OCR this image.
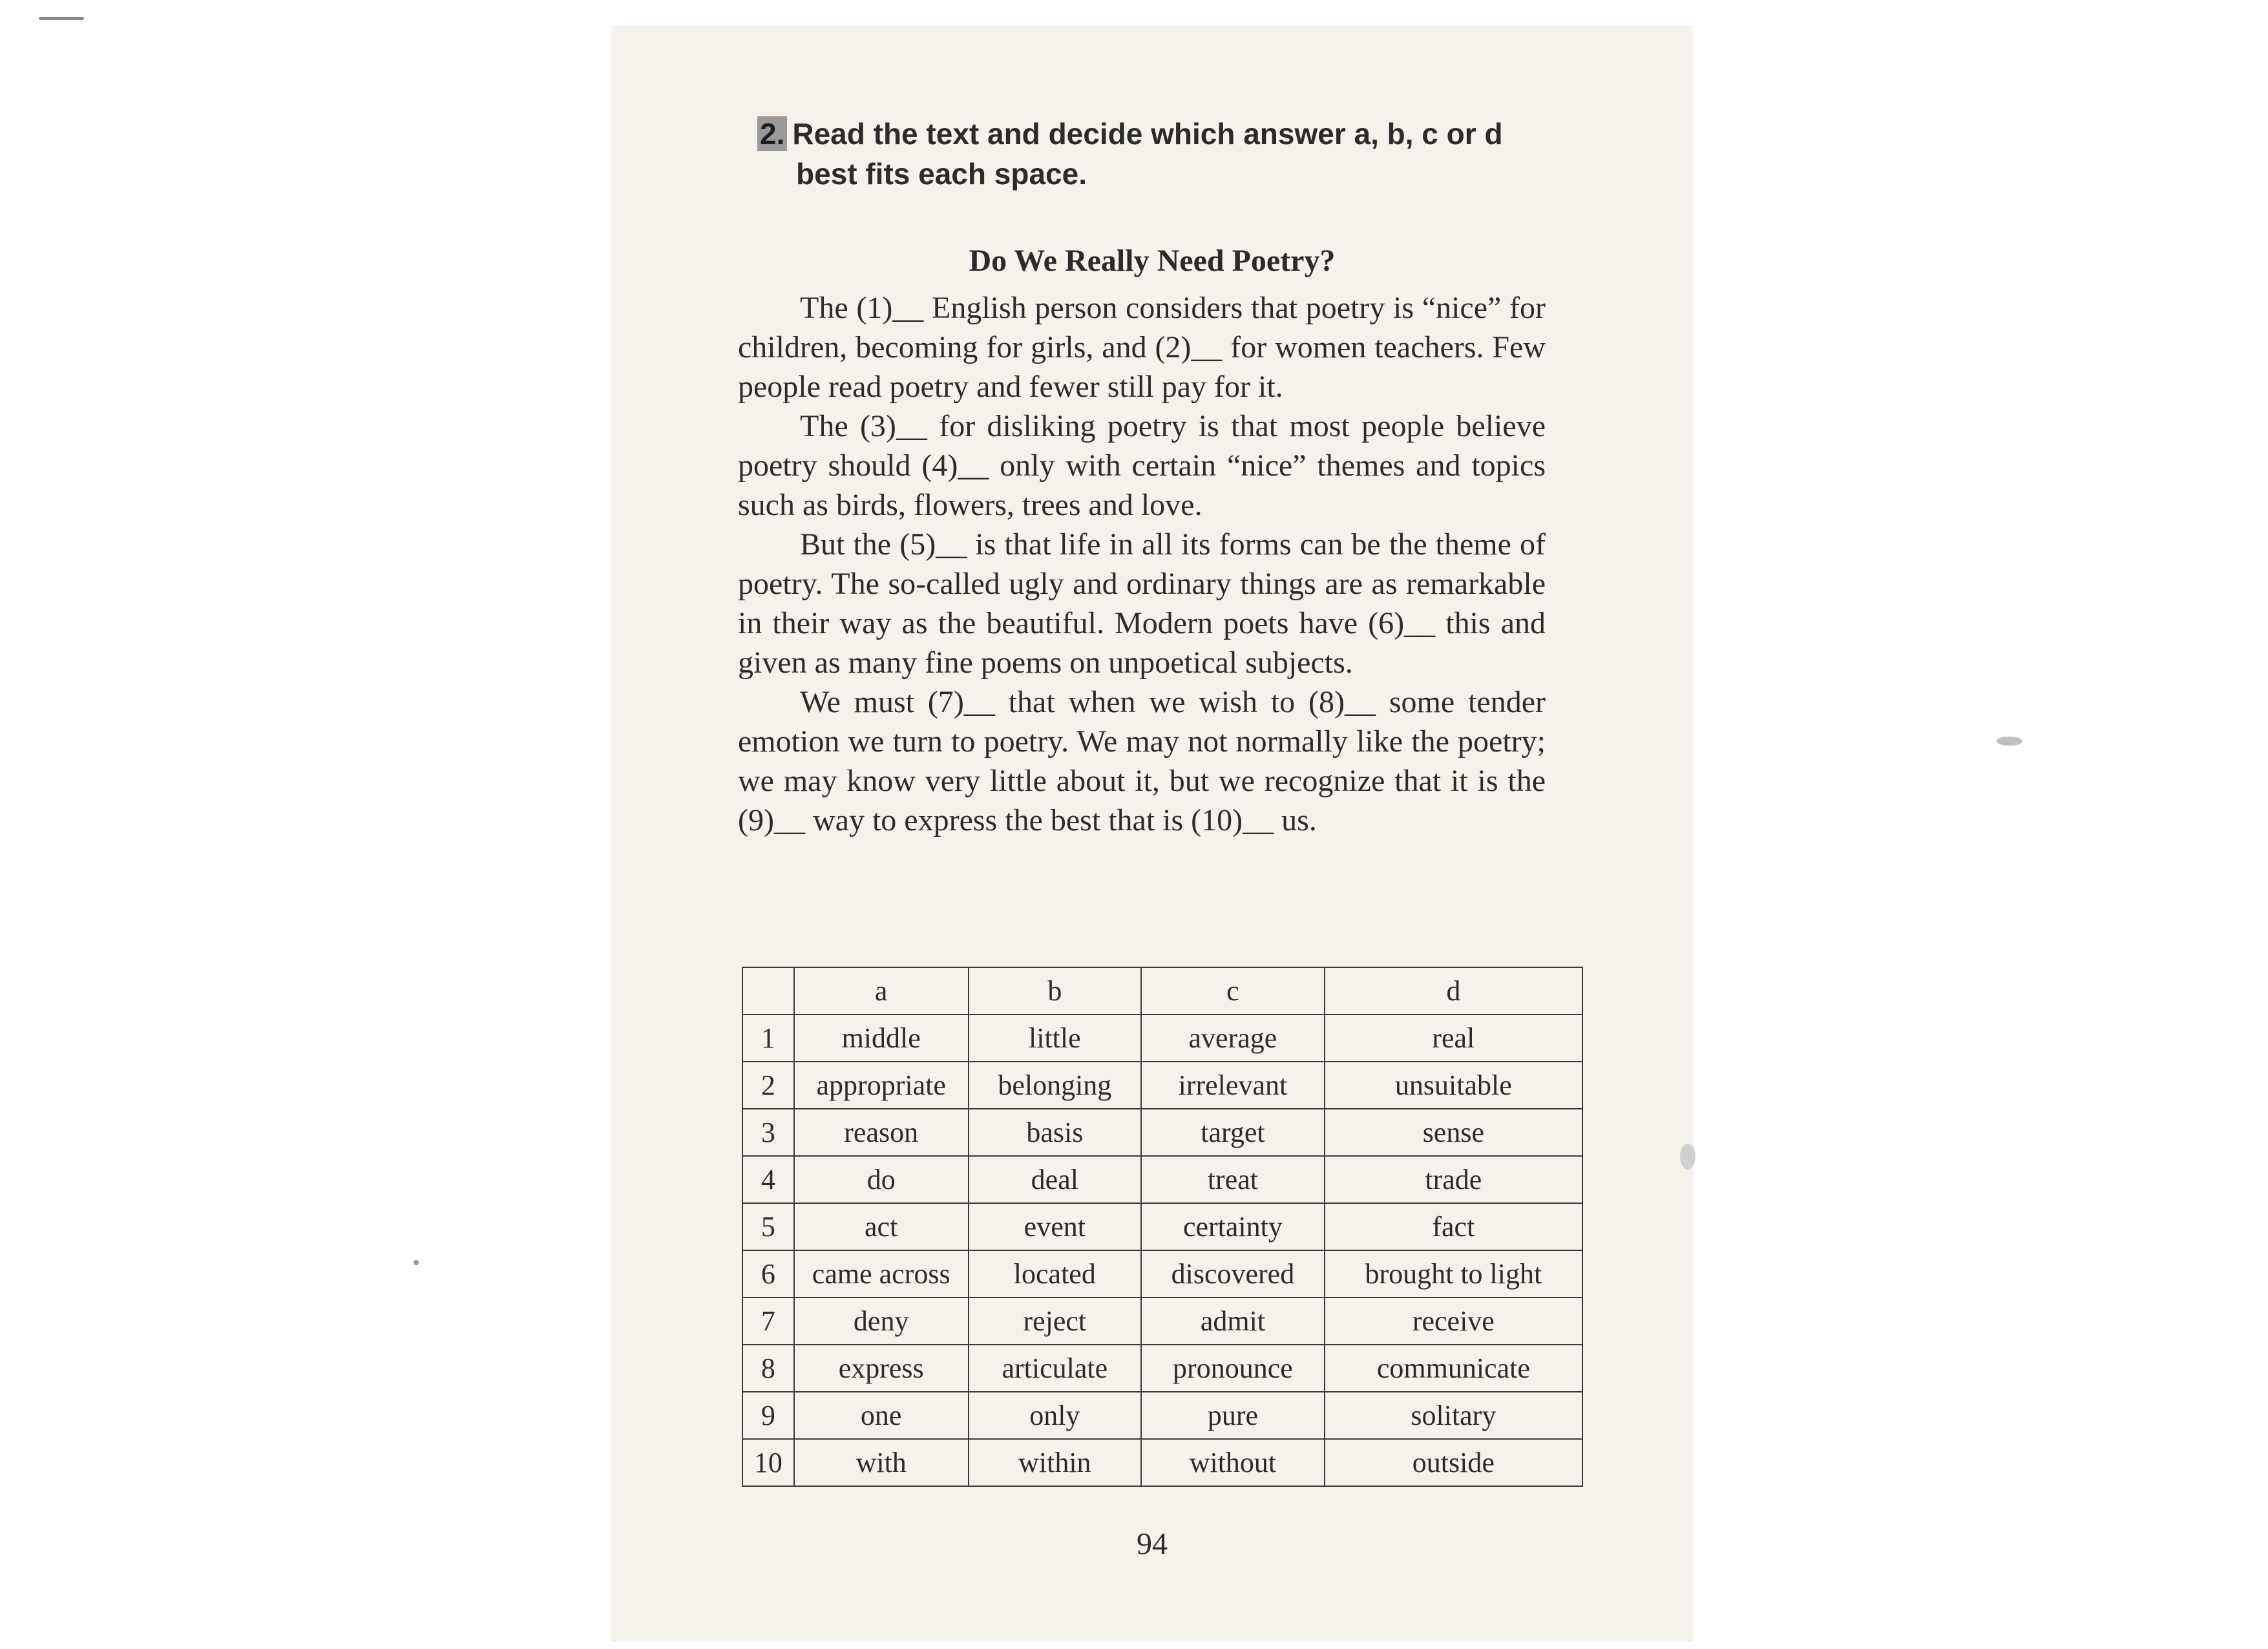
2. Read the text and decide which answer a, b, c or d
best fits each space.
Do We Really Need Poetry?

The (1)__ English person considers that poetry is “nice” for children, becoming for girls, and (2)__ for women teachers. Few people read poetry and fewer still pay for it.

The (3)__ for disliking poetry is that most people believe poetry should (4)__ only with certain “nice” themes and topics such as birds, flowers, trees and love.

But the (5)__ is that life in all its forms can be the theme of poetry. The so-called ugly and ordinary things are as remarkable in their way as the beautiful. Modern poets have (6)__ this and given as many fine poems on unpoetical subjects.

We must (7)__ that when we wish to (8)__ some tender emotion we turn to poetry. We may not normally like the poetry; we may know very little about it, but we recognize that it is the (9)__ way to express the best that is (10)__ us.

	a	b	c	d
1	middle	little	average	real
2	appropriate	belonging	irrelevant	unsuitable
3	reason	basis	target	sense
4	do	deal	treat	trade
5	act	event	certainty	fact
6	came across	located	discovered	brought to light
7	deny	reject	admit	receive
8	express	articulate	pronounce	communicate
9	one	only	pure	solitary
10	with	within	without	outside
94
